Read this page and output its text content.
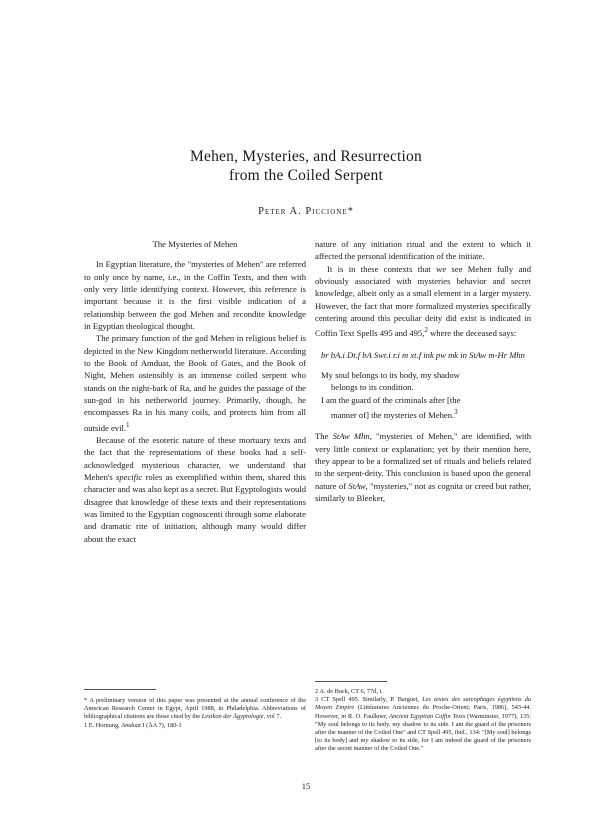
Mehen, Mysteries, and Resurrection
from the Coiled Serpent
Peter A. Piccione*

The Mysteries of Mehen

In Egyptian literature, the "mysteries of Mehen" are referred to only once by name, i.e., in the Coffin Texts, and then with only very little identifying context. However, this reference is important because it is the first visible indication of a relationship between the god Mehen and recondite knowledge in Egyptian theological thought.

The primary function of the god Mehen in religious belief is depicted in the New Kingdom netherworld literature. According to the Book of Amduat, the Book of Gates, and the Book of Night, Mehen ostensibly is an immense coiled serpent who stands on the night-bark of Ra, and he guides the passage of the sun-god in his netherworld journey. Primarily, though, he encompasses Ra in his many coils, and protects him from all outside evil.$^1$

Because of the esoteric nature of these mortuary texts and the fact that the representations of these books had a self-acknowledged mysterious character, we understand that Mehen's specific roles as exemplified within them, shared this character and was also kept as a secret. But Egyptologists would disagree that knowledge of these texts and their representations was limited to the Egyptian cognoscenti through some elaborate and dramatic rite of initiation, although many would differ about the exact

nature of any initiation ritual and the extent to which it affected the personal identification of the initiate.

It is in these contexts that we see Mehen fully and obviously associated with mysteries behavior and secret knowledge, albeit only as a small element in a larger mystery. However, the fact that more formalized mysteries specifically centering around this peculiar deity did exist is indicated in Coffin Text Spells 495 and 495,$^2$ where the deceased says:

br bA.i Dt.f bA Swt.i r.i m xt.f ink pw mk in StAw m-Hr Mhn

My soul belongs to its body, my shadow
belongs to its condition.

I am the guard of the criminals after [the
manner of] the mysteries of Mehen.$^3$

The StAw Mhn, "mysteries of Mehen," are identified, with very little context or explanation; yet by their mention here, they appear to be a formalized set of rituals and beliefs related to the serpent-deity. This conclusion is based upon the general nature of StAw, "mysteries," not as cognita or creed but rather, similarly to Bleeker,

* A preliminary version of this paper was presented at the annual conference of the American Research Center in Egypt, April 1988, in Philadelphia. Abbreviations of bibliographical citations are those cited by the Lexikon der Ägyptologie, vol 7.

1 E. Hornung, Amduat I (ÄA 7), 180-1

2 A. de Buck, CT 6, 77d, i.

3 CT Spell 495. Similarly, P. Barguet, Les textes des sarcophages égyptiens du Moyen Empire (Littératures Anciennes du Proche-Orient; Paris, 1986), 543-44. However, in R. O. Faulkner, Ancient Egyptian Coffin Texts (Warminster, 1977), 135: "My soul belongs to its body, my shadow to its side. I am the guard of the prisoners after the manner of the Coiled One" and CT Spell 495, ibid., 134: "[My soul] belongs [to its body] and my shadow to its side, for I am indeed the guard of the prisoners after the secret manner of the Coiled One."

15
